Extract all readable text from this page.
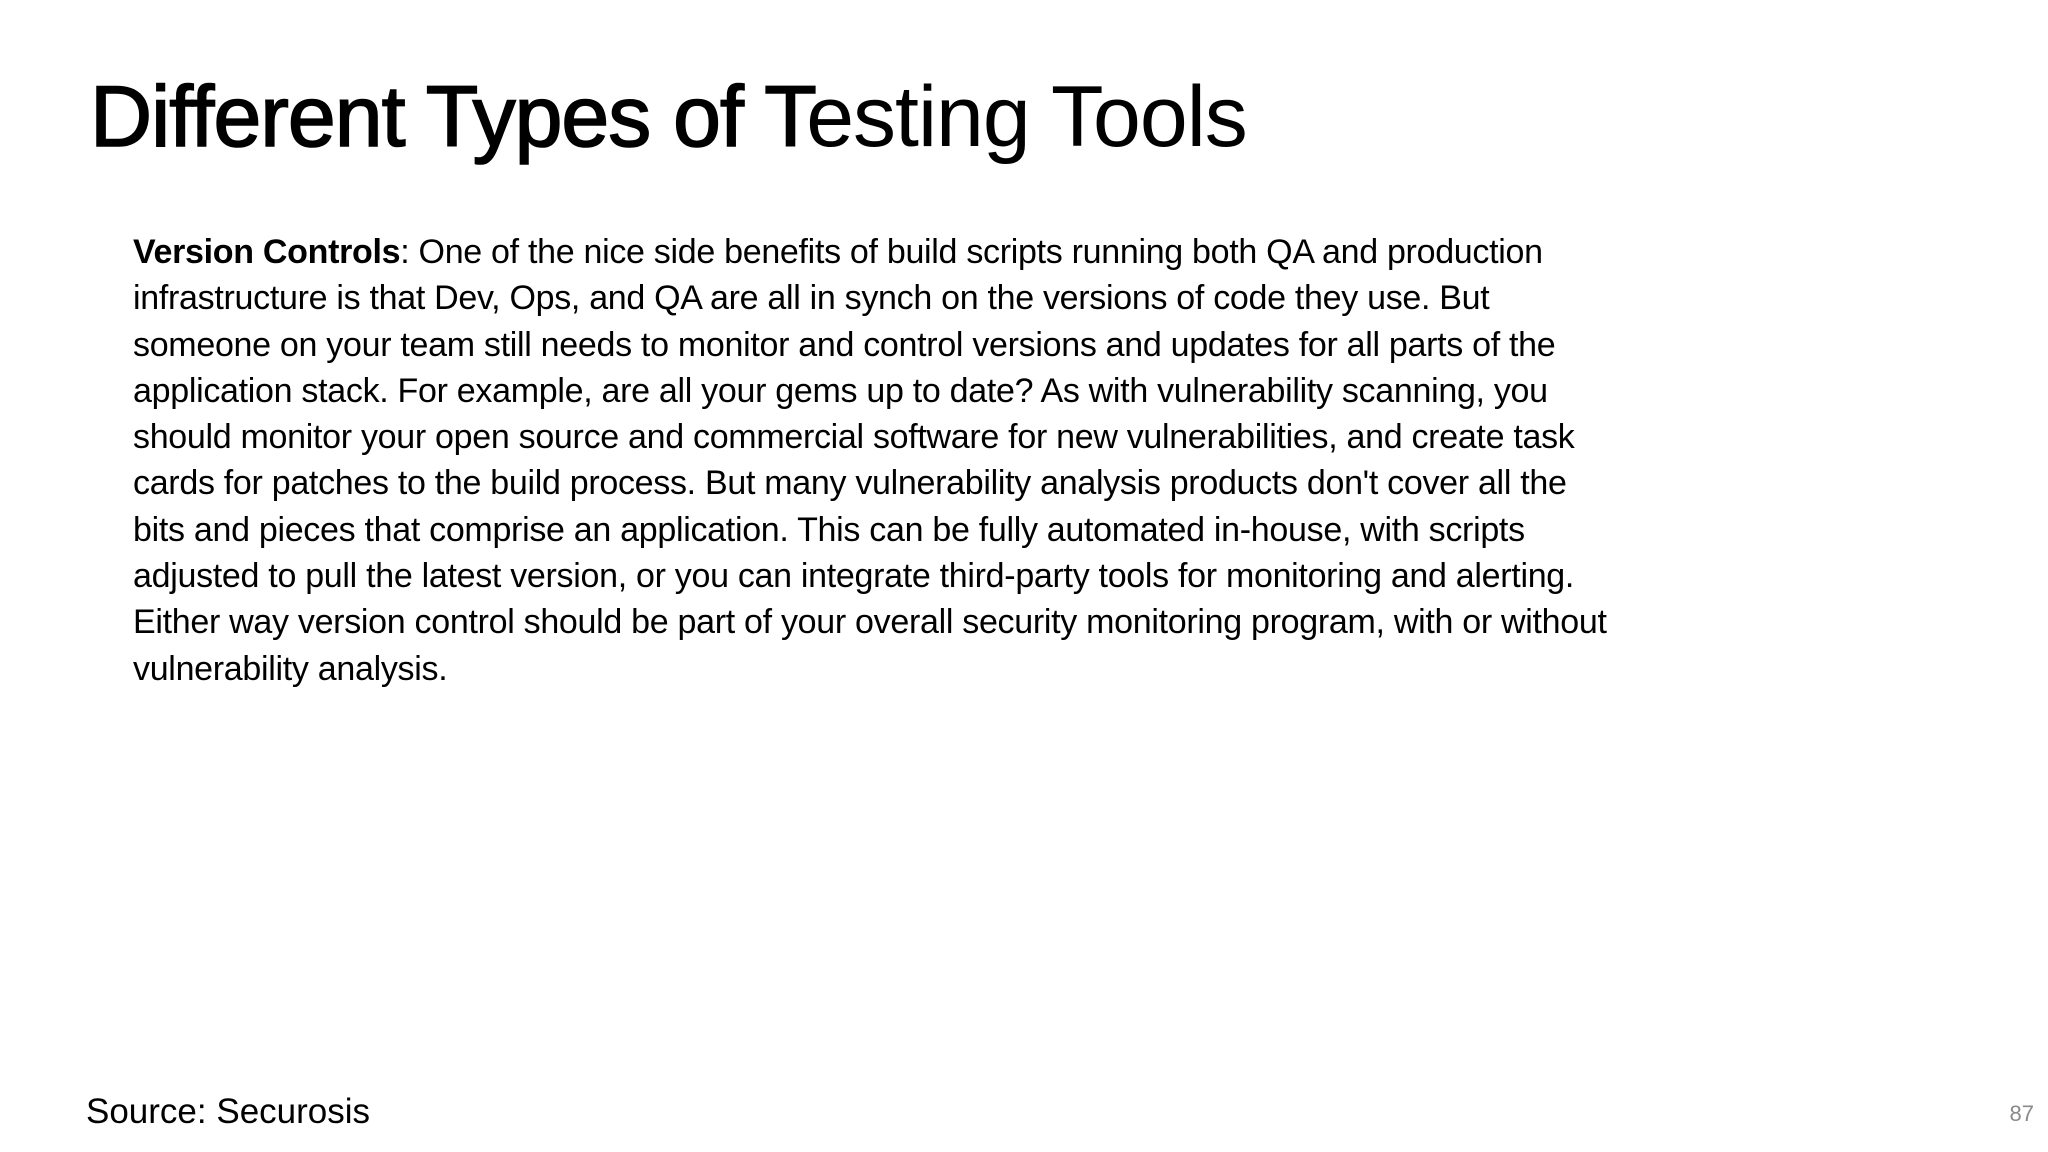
Different Types of Testing Tools
Version Controls: One of the nice side benefits of build scripts running both QA and production
infrastructure is that Dev, Ops, and QA are all in synch on the versions of code they use. But
someone on your team still needs to monitor and control versions and updates for all parts of the
application stack. For example, are all your gems up to date? As with vulnerability scanning, you
should monitor your open source and commercial software for new vulnerabilities, and create task
cards for patches to the build process. But many vulnerability analysis products don't cover all the
bits and pieces that comprise an application. This can be fully automated in-house, with scripts
adjusted to pull the latest version, or you can integrate third-party tools for monitoring and alerting.
Either way version control should be part of your overall security monitoring program, with or without
vulnerability analysis.
Source: Securosis	87
